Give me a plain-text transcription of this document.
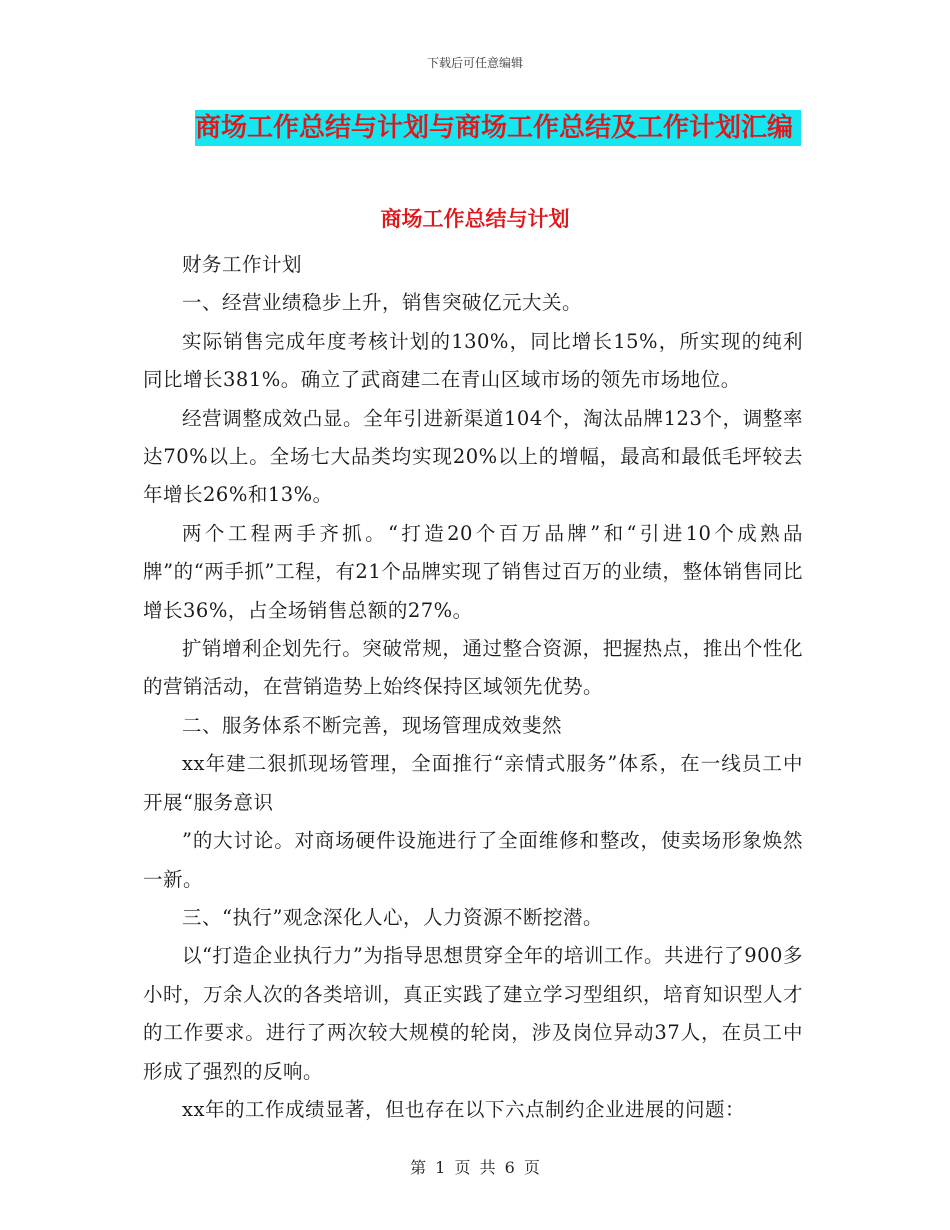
下载后可任意编辑
商场工作总结与计划与商场工作总结及工作计划汇编
商场工作总结与计划

财务工作计划

一、经营业绩稳步上升，销售突破亿元大关。

实际销售完成年度考核计划的130%，同比增长15%，所实现的纯利同比增长381%。确立了武商建二在青山区域市场的领先市场地位。

经营调整成效凸显。全年引进新渠道104个，淘汰品牌123个，调整率达70%以上。全场七大品类均实现20%以上的增幅，最高和最低毛坪较去年增长26%和13%。

两个工程两手齐抓。“打造20个百万品牌”和“引进10个成熟品牌”的“两手抓”工程，有21个品牌实现了销售过百万的业绩，整体销售同比增长36%，占全场销售总额的27%。

扩销增利企划先行。突破常规，通过整合资源，把握热点，推出个性化的营销活动，在营销造势上始终保持区域领先优势。

二、服务体系不断完善，现场管理成效斐然

xx年建二狠抓现场管理，全面推行“亲情式服务”体系，在一线员工中开展“服务意识

”的大讨论。对商场硬件设施进行了全面维修和整改，使卖场形象焕然一新。

三、“执行”观念深化人心，人力资源不断挖潜。

以“打造企业执行力”为指导思想贯穿全年的培训工作。共进行了900多小时，万余人次的各类培训，真正实践了建立学习型组织，培育知识型人才的工作要求。进行了两次较大规模的轮岗，涉及岗位异动37人，在员工中形成了强烈的反响。

xx年的工作成绩显著，但也存在以下六点制约企业进展的问题：

第 1 页 共 6 页
